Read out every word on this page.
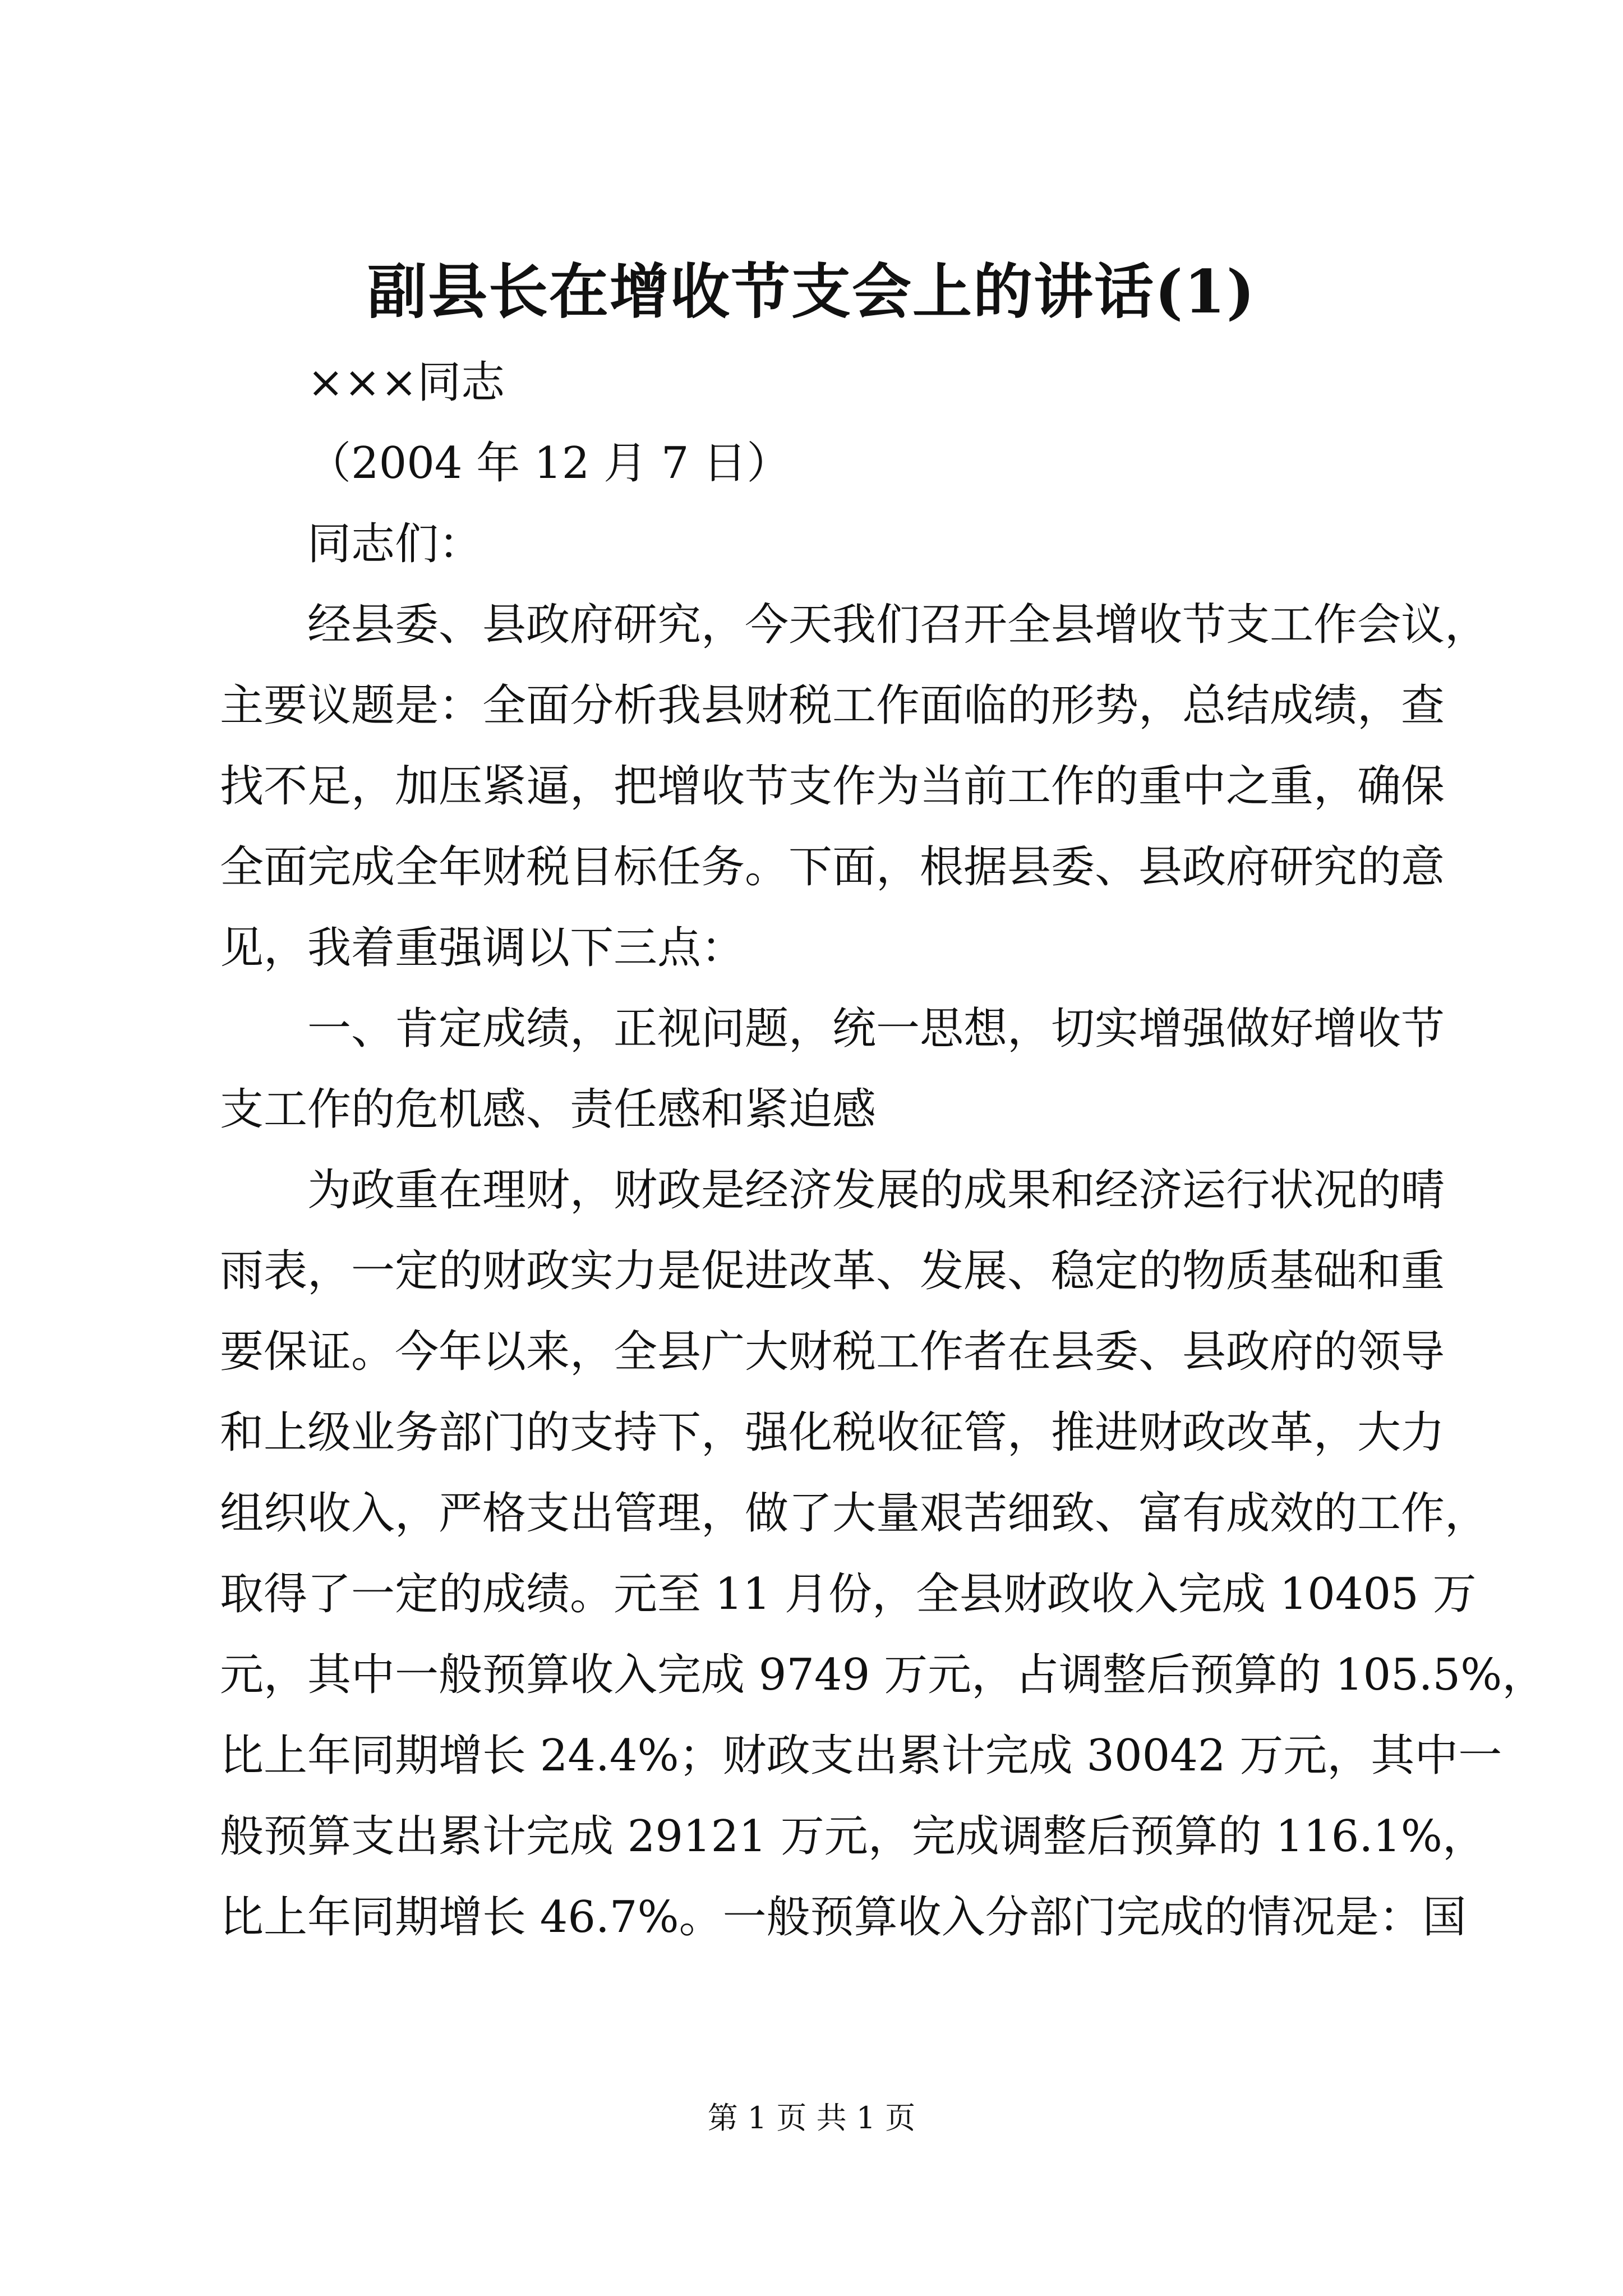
副县长在增收节支会上的讲话(1)
×××同志
（2004 年 12 月 7 日）
同志们：
经县委、县政府研究，今天我们召开全县增收节支工作会议，
主要议题是：全面分析我县财税工作面临的形势，总结成绩，查
找不足，加压紧逼，把增收节支作为当前工作的重中之重，确保
全面完成全年财税目标任务。下面，根据县委、县政府研究的意
见，我着重强调以下三点：
一、肯定成绩，正视问题，统一思想，切实增强做好增收节
支工作的危机感、责任感和紧迫感
为政重在理财，财政是经济发展的成果和经济运行状况的晴
雨表，一定的财政实力是促进改革、发展、稳定的物质基础和重
要保证。今年以来，全县广大财税工作者在县委、县政府的领导
和上级业务部门的支持下，强化税收征管，推进财政改革，大力
组织收入，严格支出管理，做了大量艰苦细致、富有成效的工作，
取得了一定的成绩。元至 11 月份，全县财政收入完成 10405 万
元，其中一般预算收入完成 9749 万元，占调整后预算的 105.5%，
比上年同期增长 24.4%；财政支出累计完成 30042 万元，其中一
般预算支出累计完成 29121 万元，完成调整后预算的 116.1%，
比上年同期增长 46.7%。一般预算收入分部门完成的情况是：国
第 1 页 共 1 页
